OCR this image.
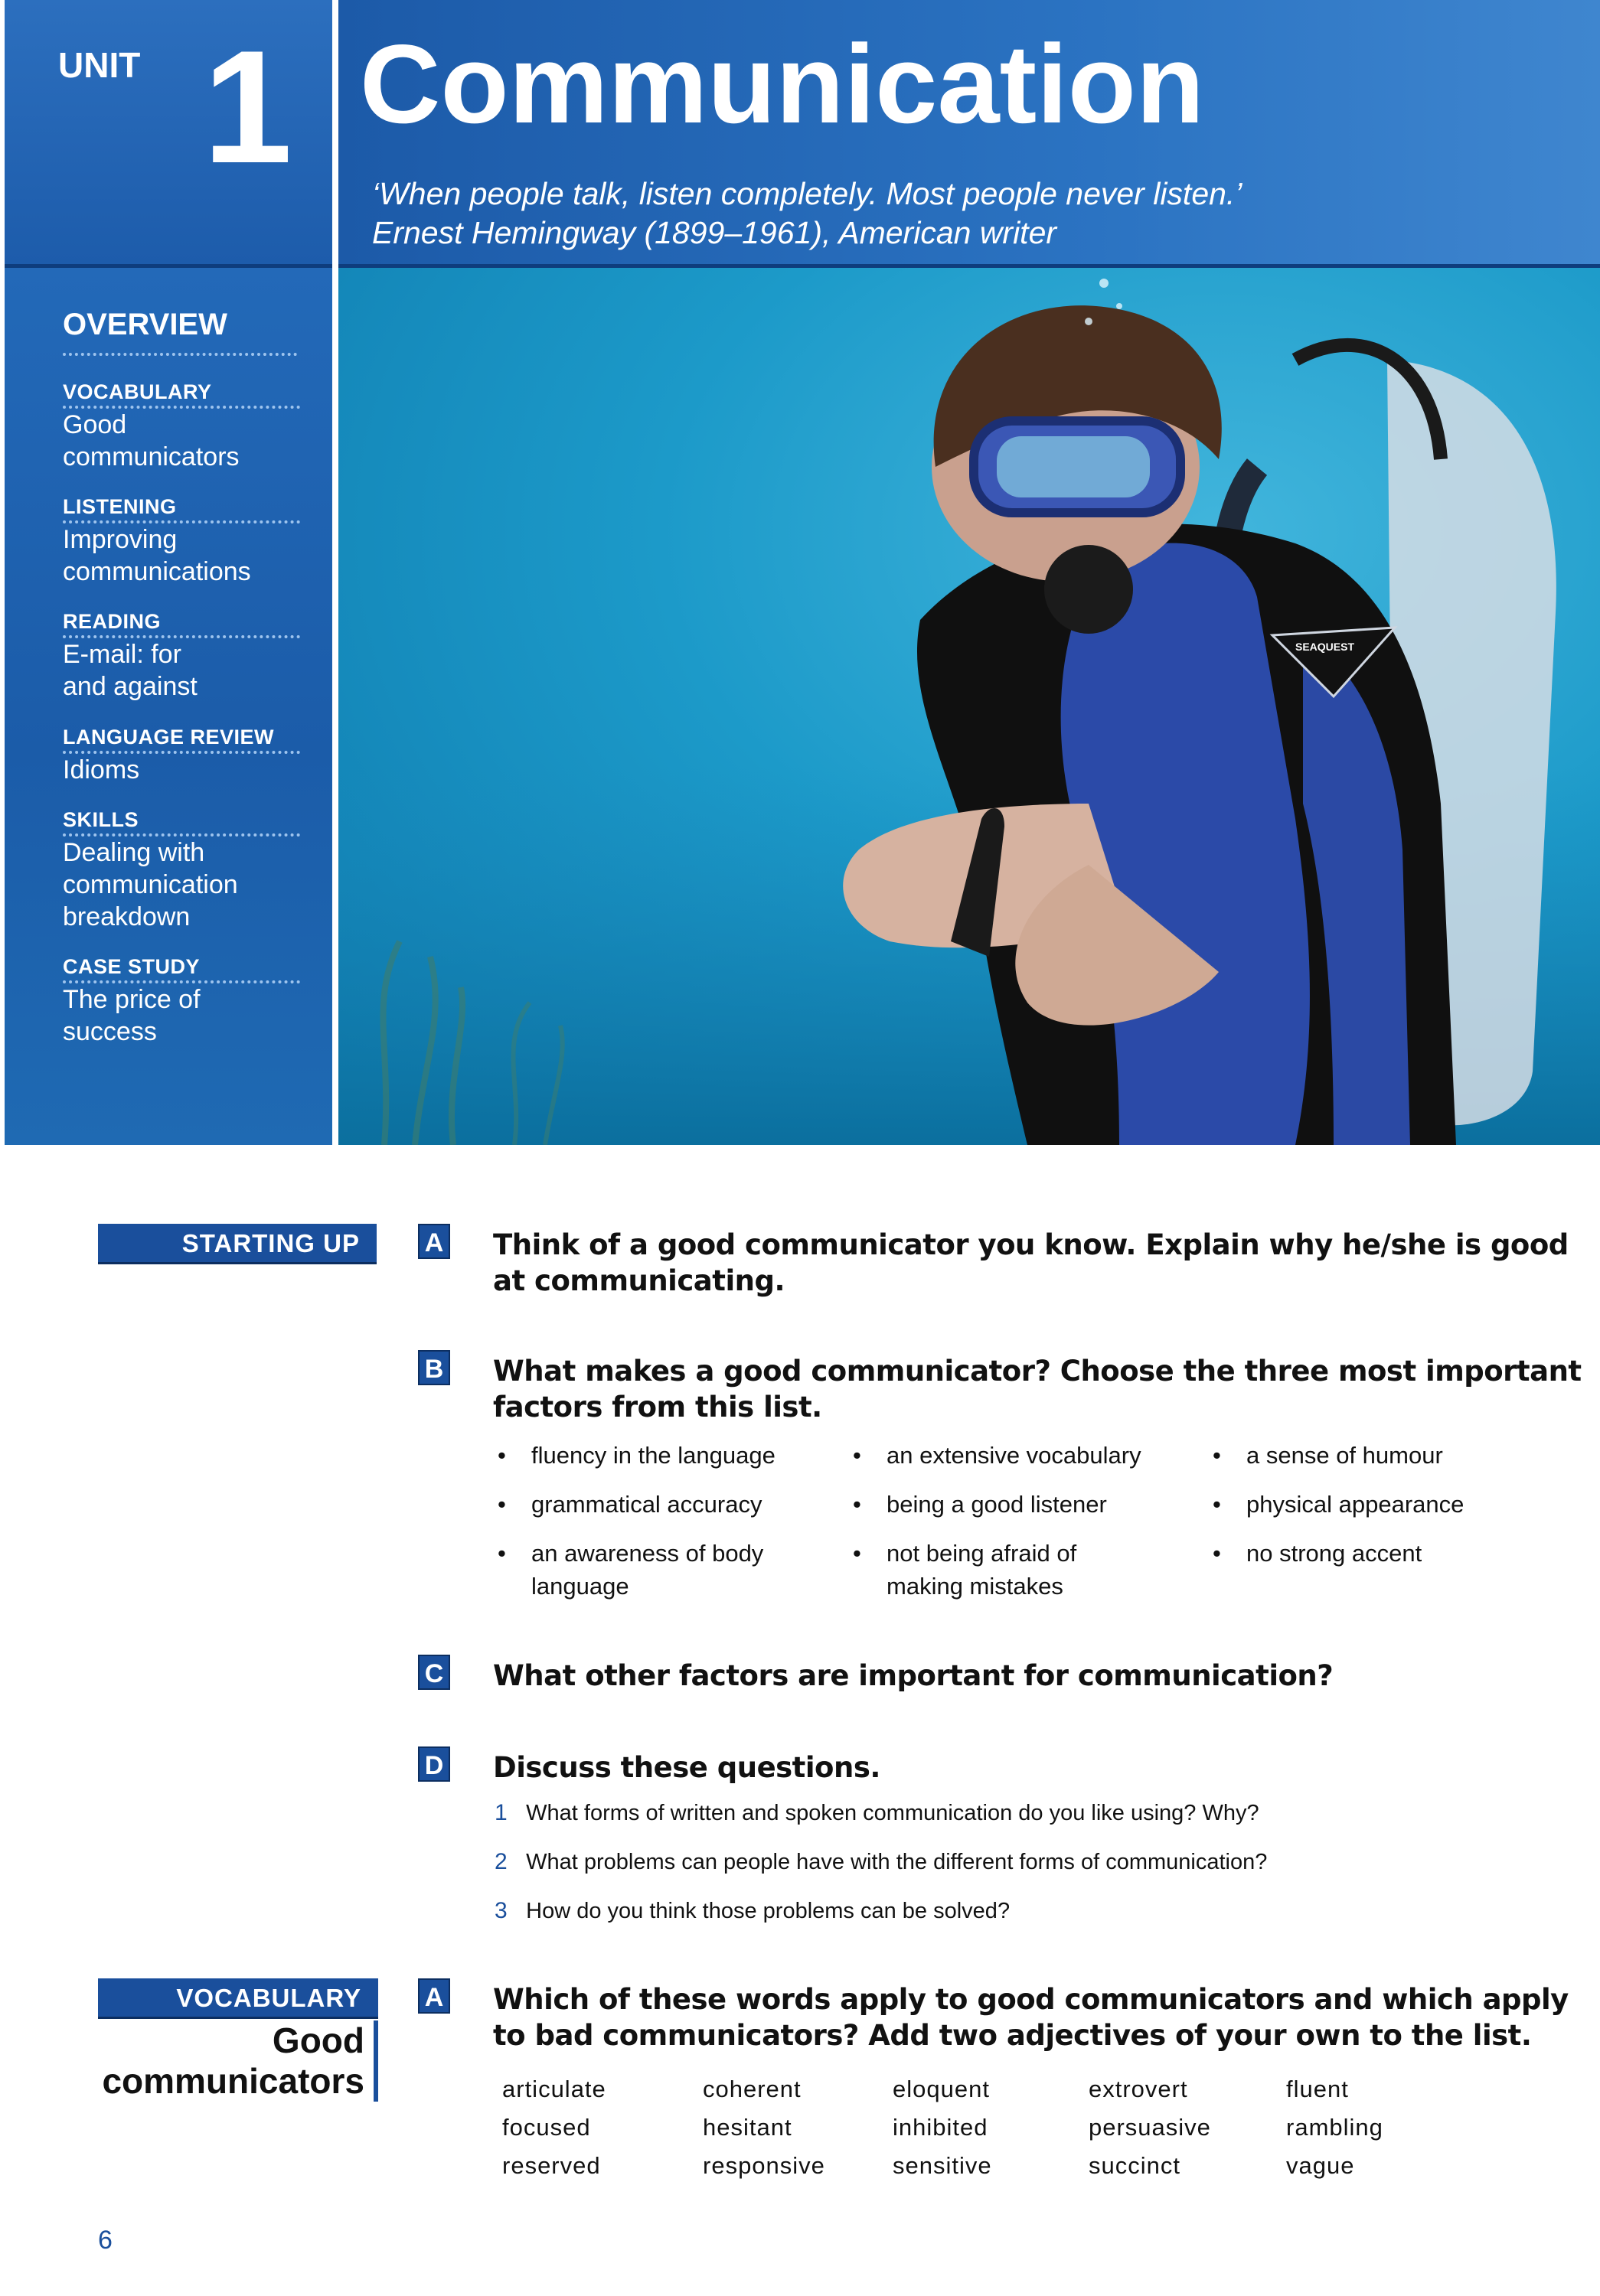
UNIT 1 Communication
‘When people talk, listen completely. Most people never listen.’
Ernest Hemingway (1899–1961), American writer
OVERVIEW
VOCABULARY
Good
communicators
LISTENING
Improving
communications
READING
E-mail: for
and against
LANGUAGE REVIEW
Idioms
SKILLS
Dealing with
communication
breakdown
CASE STUDY
The price of success
SEAQUEST
STARTING UP	A Think of a good communicator you know. Explain why he/she is good
at communicating.
B What makes a good communicator? Choose the three most important
factors from this list.
• fluency in the language
• grammatical accuracy
• an awareness of body
language
• an extensive vocabulary
• being a good listener
• not being afraid of
making mistakes
• a sense of humour
• physical appearance
• no strong accent
C What other factors are important for communication?
D Discuss these questions.
1 What forms of written and spoken communication do you like using? Why?
2 What problems can people have with the different forms of communication?
3 How do you think those problems can be solved?
VOCABULARY
Good
communicators
A Which of these words apply to good communicators and which apply
to bad communicators? Add two adjectives of your own to the list.
articulate	coherent	eloquent	extrovert	fluent
focused	hesitant	inhibited	persuasive	rambling
reserved	responsive	sensitive	succinct	vague
6
